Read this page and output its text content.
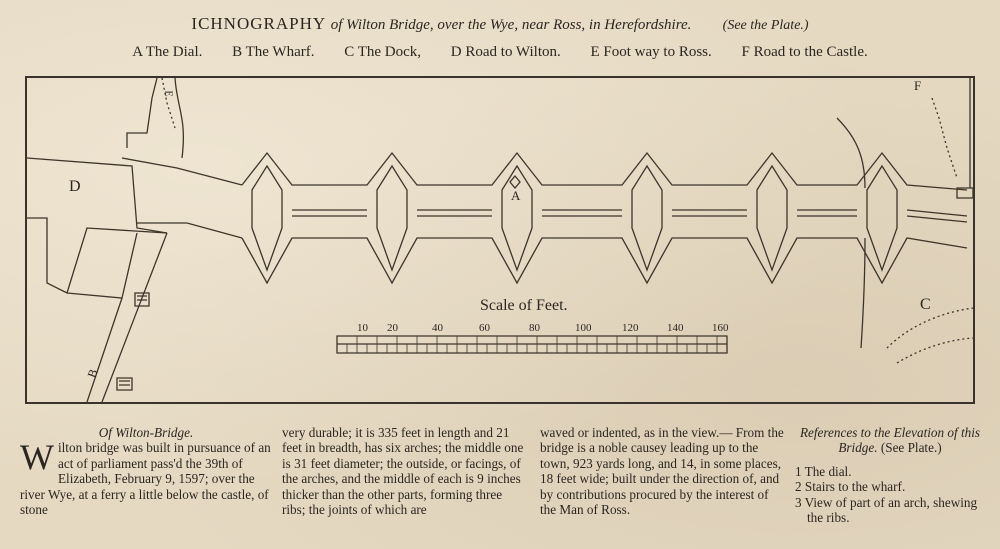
ICHNOGRAPHY of Wilton Bridge, over the Wye, near Ross, in Herefordshire. (See the Plate.)
A The Dial. B The Wharf. C The Dock, D Road to Wilton. E Foot way to Ross. F Road to the Castle.
D
A
F
C
B
E
Scale of Feet.
10 20	40	60	80	100	120	140	160

Of Wilton-Bridge.

Wilton bridge was built in pursuance of an act of parliament pass'd the 39th of Elizabeth, February 9, 1597; over the river Wye, at a ferry a little below the castle, of stone

very durable; it is 335 feet in length and 21 feet in breadth, has six arches; the middle one is 31 feet diameter; the outside, or facings, of the arches, and the middle of each is 9 inches thicker than the other parts, forming three ribs; the joints of which are

waved or indented, as in the view.— From the bridge is a noble causey leading up to the town, 923 yards long, and 14, in some places, 18 feet wide; built under the direction of, and by contributions procured by the interest of the Man of Ross.

References to the Elevation of this Bridge. (See Plate.)

1 The dial.

2 Stairs to the wharf.

3 View of part of an arch, shewing the ribs.
